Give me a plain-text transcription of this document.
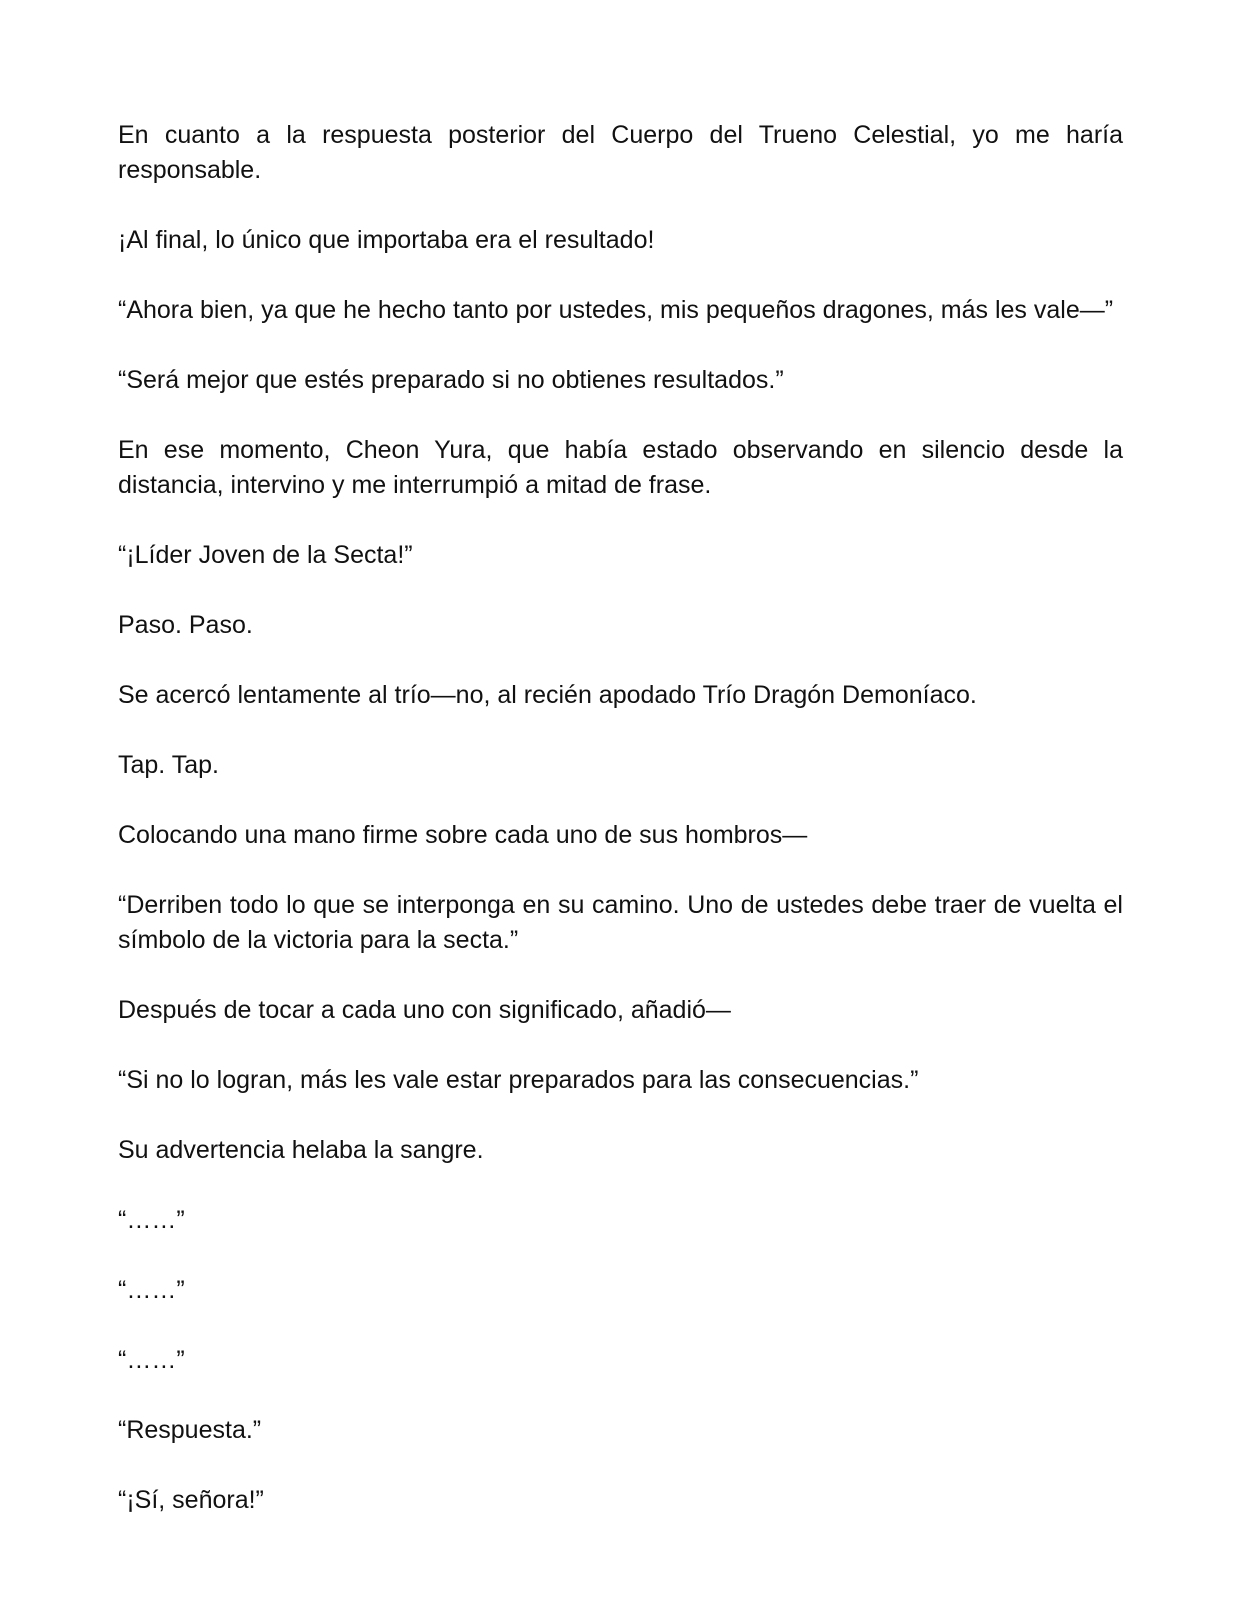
En cuanto a la respuesta posterior del Cuerpo del Trueno Celestial, yo me haría responsable.

¡Al final, lo único que importaba era el resultado!

“Ahora bien, ya que he hecho tanto por ustedes, mis pequeños dragones, más les vale—”

“Será mejor que estés preparado si no obtienes resultados.”

En ese momento, Cheon Yura, que había estado observando en silencio desde la distancia, intervino y me interrumpió a mitad de frase.

“¡Líder Joven de la Secta!”

Paso. Paso.

Se acercó lentamente al trío—no, al recién apodado Trío Dragón Demoníaco.

Tap. Tap.

Colocando una mano firme sobre cada uno de sus hombros—

“Derriben todo lo que se interponga en su camino. Uno de ustedes debe traer de vuelta el símbolo de la victoria para la secta.”

Después de tocar a cada uno con significado, añadió—

“Si no lo logran, más les vale estar preparados para las consecuencias.”

Su advertencia helaba la sangre.

“……”

“……”

“……”

“Respuesta.”

“¡Sí, señora!”
